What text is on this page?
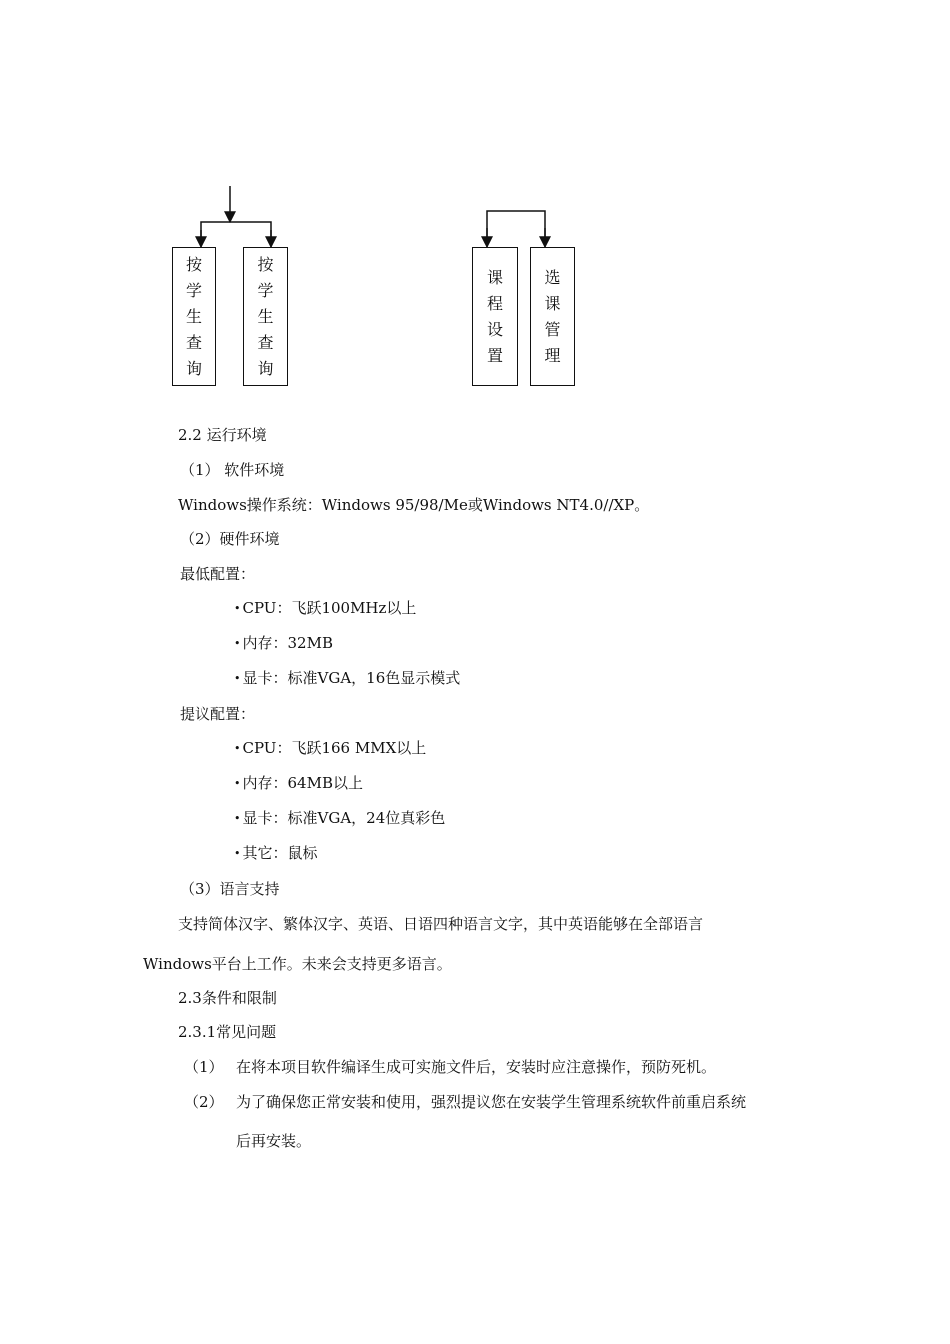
按
学
生
查
询
按
学
生
查
询
课
程
设
置
选
课
管
理
2.2 运行环境
（1） 软件环境
Windows操作系统：Windows 95/98/Me或Windows NT4.0//XP。
（2）硬件环境
最低配置：
• CPU：飞跃100MHz以上
• 内存：32MB
• 显卡：标准VGA，16色显示模式
提议配置：
• CPU：飞跃166 MMX以上
• 内存：64MB以上
• 显卡：标准VGA，24位真彩色
• 其它：鼠标
（3）语言支持
支持简体汉字、繁体汉字、英语、日语四种语言文字，其中英语能够在全部语言
Windows平台上工作。未来会支持更多语言。
2.3条件和限制
2.3.1常见问题
（1） 在将本项目软件编译生成可实施文件后，安装时应注意操作，预防死机。
（2） 为了确保您正常安装和使用，强烈提议您在安装学生管理系统软件前重启系统
后再安装。
